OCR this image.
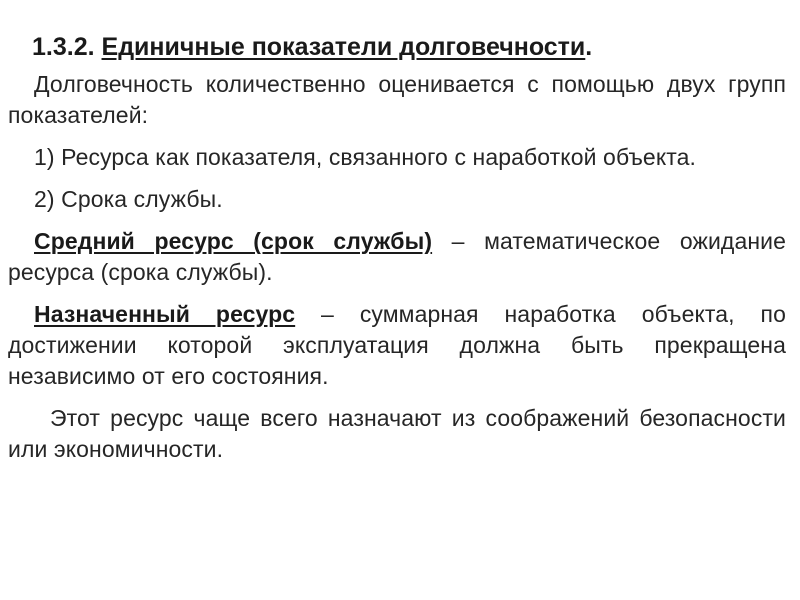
1.3.2. Единичные показатели долговечности.

Долговечность количественно оценивается с помощью двух групп показателей:

1) Ресурса как показателя, связанного с наработкой объекта.

2) Срока службы.

Средний ресурс (срок службы) – математическое ожидание ресурса (срока службы).

Назначенный ресурс – суммарная наработка объекта, по достижении которой эксплуатация должна быть прекращена независимо от его состояния.

Этот ресурс чаще всего назначают из соображений безопасности или экономичности.
